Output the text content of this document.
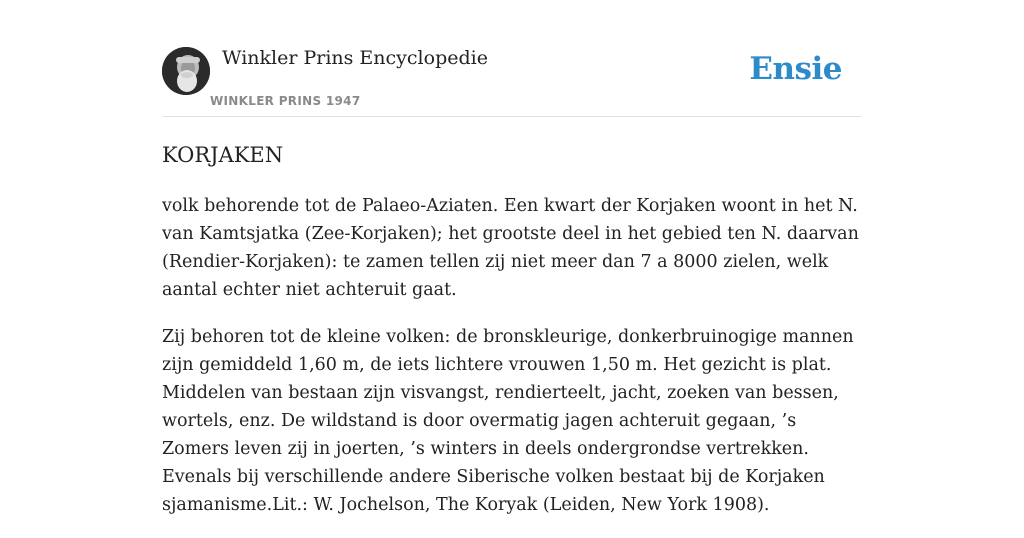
Winkler Prins Encyclopedie
WINKLER PRINS 1947
Ensie
KORJAKEN

volk behorende tot de Palaeo-Aziaten. Een kwart der Korjaken woont in het N. van Kamtsjatka (Zee-Korjaken); het grootste deel in het gebied ten N. daarvan (Rendier-Korjaken): te zamen tellen zij niet meer dan 7 a 8000 zielen, welk aantal echter niet achteruit gaat.

Zij behoren tot de kleine volken: de bronskleurige, donkerbruinogige mannen zijn gemiddeld 1,60 m, de iets lichtere vrouwen 1,50 m. Het gezicht is plat. Middelen van bestaan zijn visvangst, rendierteelt, jacht, zoeken van bessen, wortels, enz. De wildstand is door overmatig jagen achteruit gegaan, ’s Zomers leven zij in joerten, ’s winters in deels ondergrondse vertrekken. Evenals bij verschillende andere Siberische volken bestaat bij de Korjaken sjamanisme.Lit.: W. Jochelson, The Koryak (Leiden, New York 1908).
